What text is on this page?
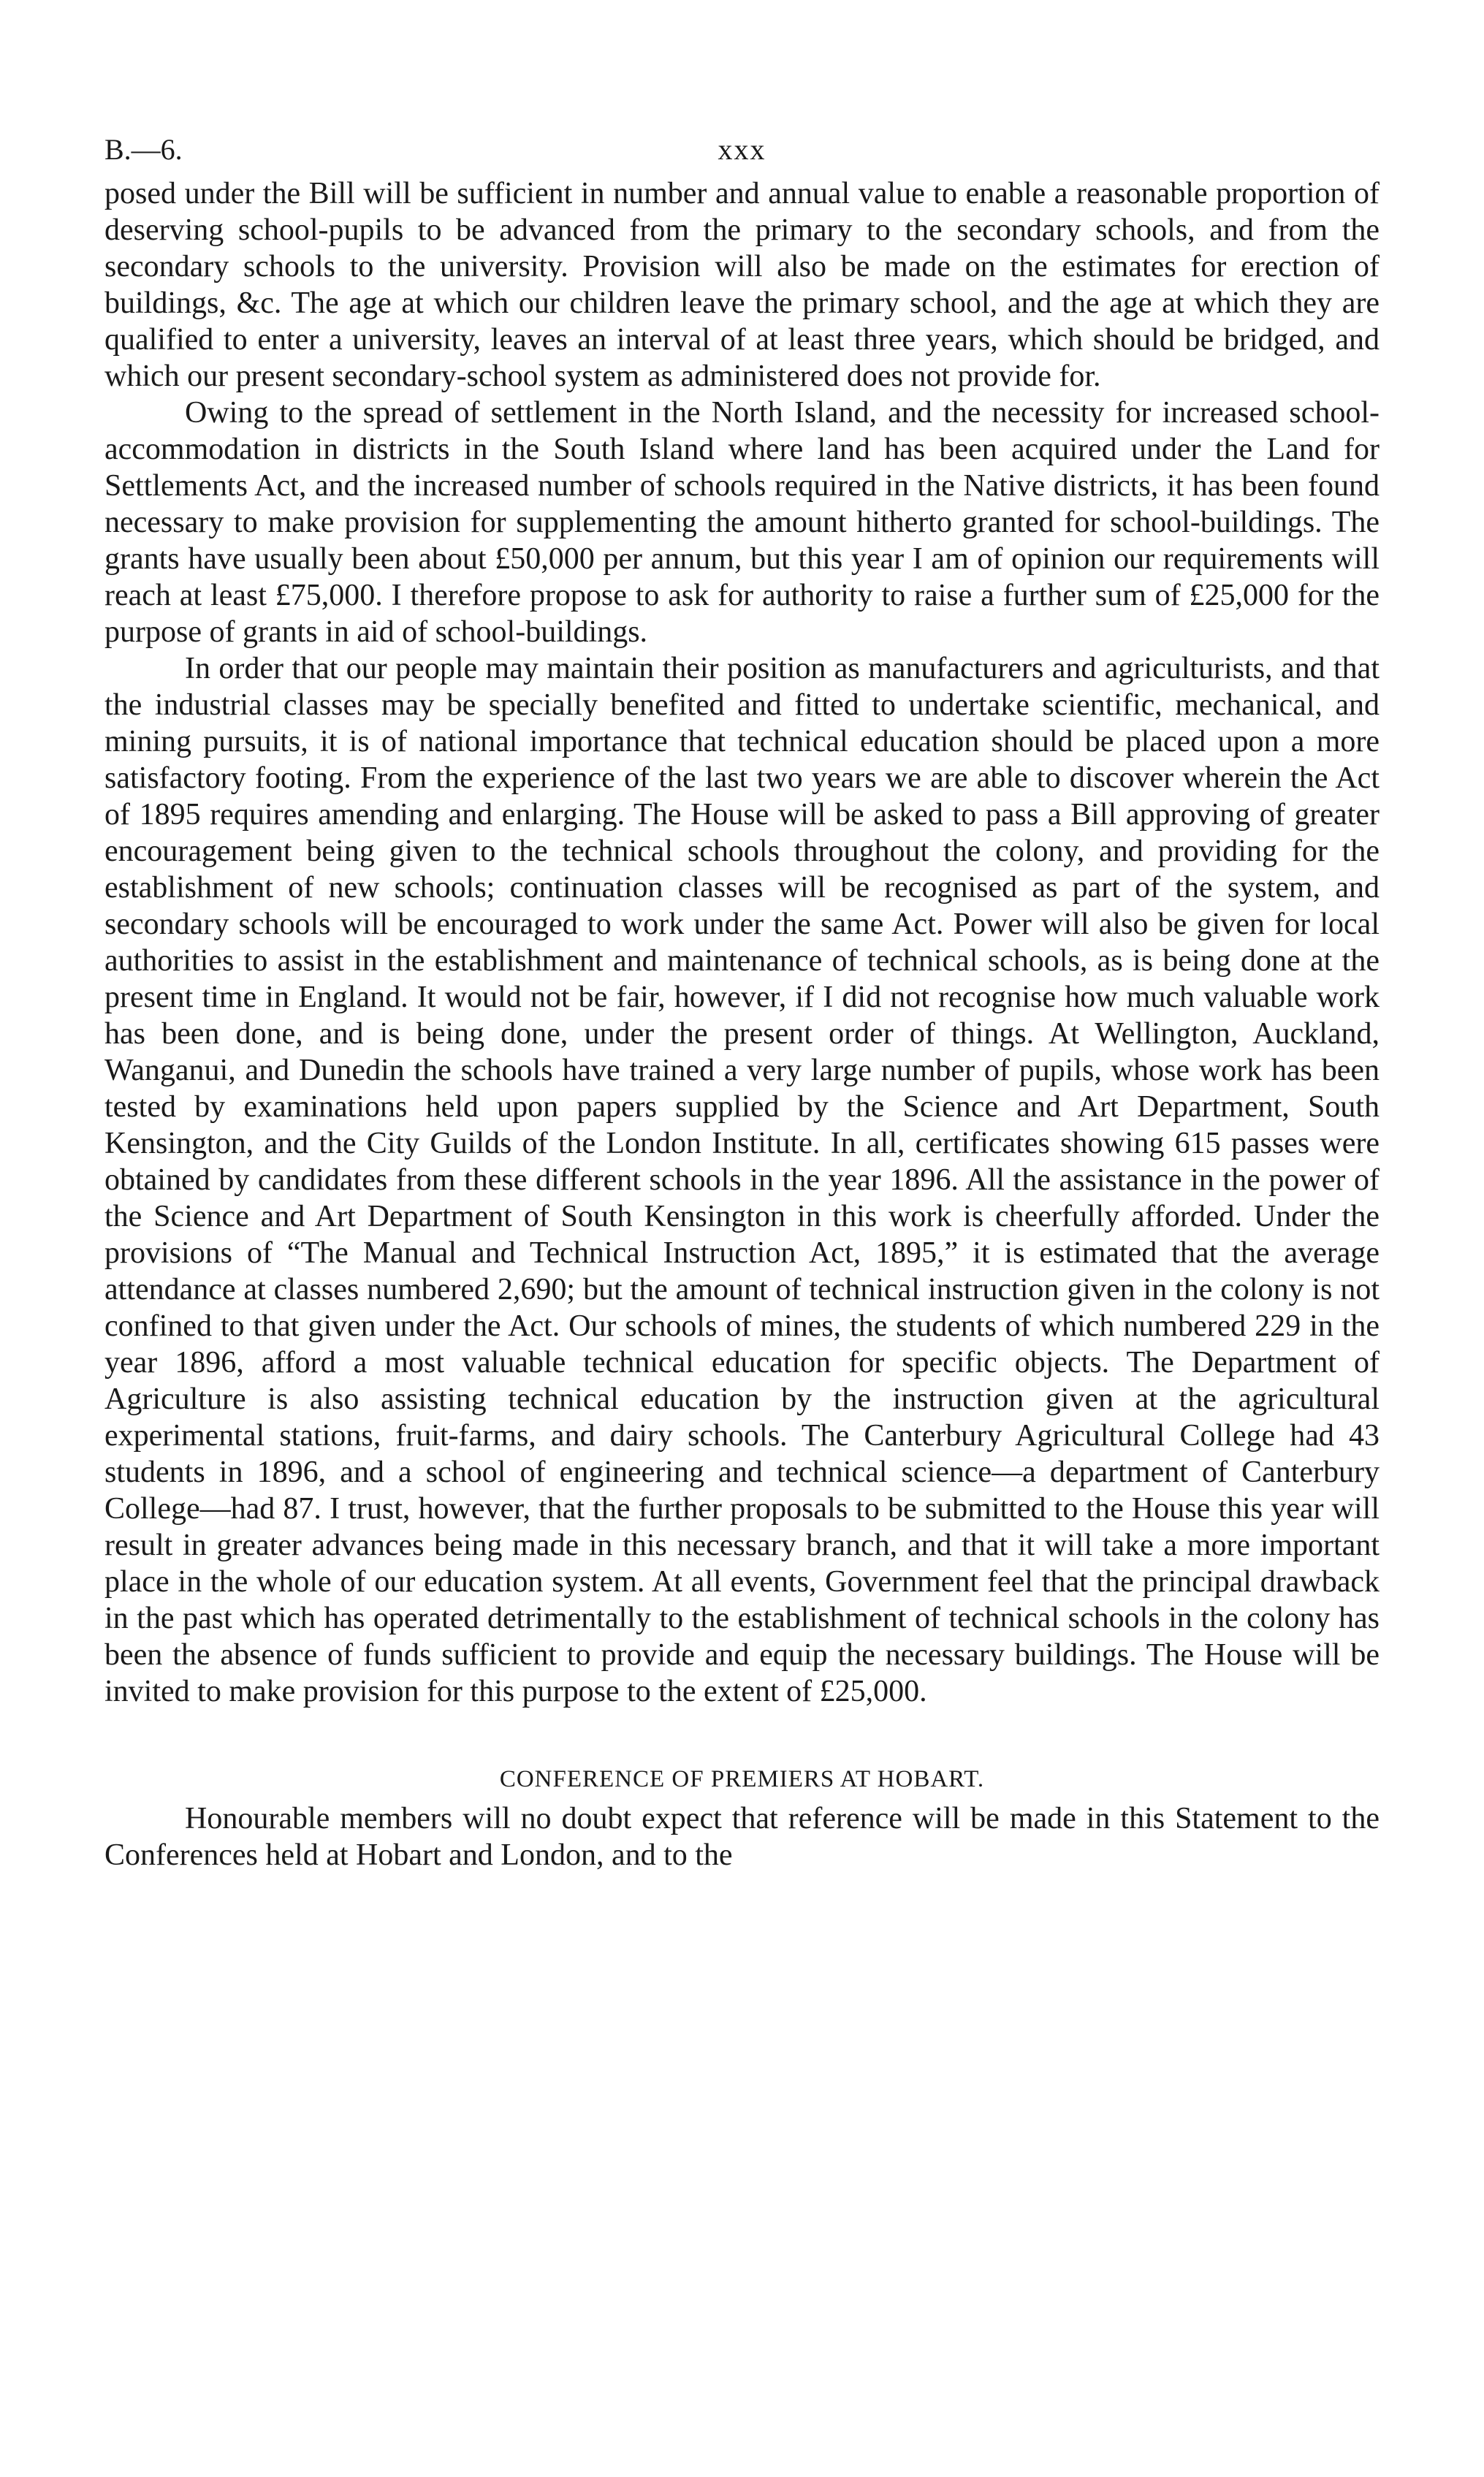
B.—6.	xxx

posed under the Bill will be sufficient in number and annual value to enable a reasonable proportion of deserving school-pupils to be advanced from the primary to the secondary schools, and from the secondary schools to the university. Provision will also be made on the estimates for erection of buildings, &c. The age at which our children leave the primary school, and the age at which they are qualified to enter a university, leaves an interval of at least three years, which should be bridged, and which our present secondary-school system as administered does not provide for.

Owing to the spread of settlement in the North Island, and the necessity for increased school-accommodation in districts in the South Island where land has been acquired under the Land for Settlements Act, and the increased number of schools required in the Native districts, it has been found necessary to make provision for supplementing the amount hitherto granted for school-buildings. The grants have usually been about £50,000 per annum, but this year I am of opinion our requirements will reach at least £75,000. I therefore propose to ask for authority to raise a further sum of £25,000 for the purpose of grants in aid of school-buildings.

In order that our people may maintain their position as manufacturers and agriculturists, and that the industrial classes may be specially benefited and fitted to undertake scientific, mechanical, and mining pursuits, it is of national importance that technical education should be placed upon a more satisfactory footing. From the experience of the last two years we are able to discover wherein the Act of 1895 requires amending and enlarging. The House will be asked to pass a Bill approving of greater encouragement being given to the technical schools throughout the colony, and providing for the establishment of new schools; continuation classes will be recognised as part of the system, and secondary schools will be encouraged to work under the same Act. Power will also be given for local authorities to assist in the establishment and maintenance of technical schools, as is being done at the present time in England. It would not be fair, however, if I did not recognise how much valuable work has been done, and is being done, under the present order of things. At Wellington, Auckland, Wanganui, and Dunedin the schools have trained a very large number of pupils, whose work has been tested by examinations held upon papers supplied by the Science and Art Department, South Kensington, and the City Guilds of the London Institute. In all, certificates showing 615 passes were obtained by candidates from these different schools in the year 1896. All the assistance in the power of the Science and Art Department of South Kensington in this work is cheerfully afforded. Under the provisions of “The Manual and Technical Instruction Act, 1895,” it is estimated that the average attendance at classes numbered 2,690; but the amount of technical instruction given in the colony is not confined to that given under the Act. Our schools of mines, the students of which numbered 229 in the year 1896, afford a most valuable technical education for specific objects. The Department of Agriculture is also assisting technical education by the instruction given at the agricultural experimental stations, fruit-farms, and dairy schools. The Canterbury Agricultural College had 43 students in 1896, and a school of engineering and technical science—a department of Canterbury College—had 87. I trust, however, that the further proposals to be submitted to the House this year will result in greater advances being made in this necessary branch, and that it will take a more important place in the whole of our education system. At all events, Government feel that the principal drawback in the past which has operated detrimentally to the establishment of technical schools in the colony has been the absence of funds sufficient to provide and equip the necessary buildings. The House will be invited to make provision for this purpose to the extent of £25,000.

CONFERENCE OF PREMIERS AT HOBART.

Honourable members will no doubt expect that reference will be made in this Statement to the Conferences held at Hobart and London, and to the
